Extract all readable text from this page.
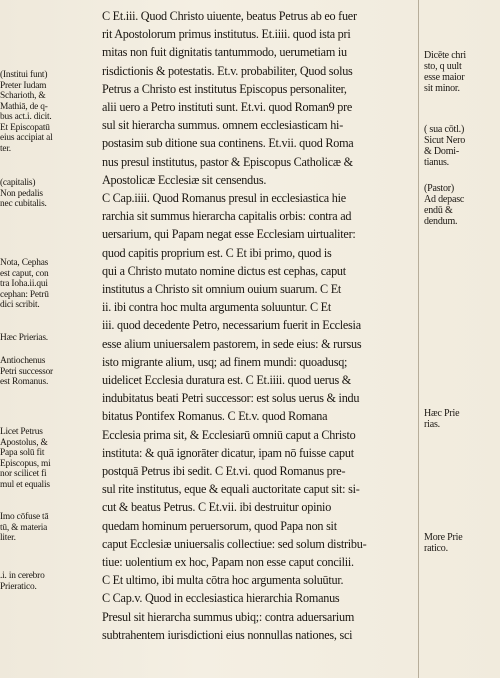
C Et.iii. Quod Christo uiuente, beatus Petrus ab eo fuer
rit Apostolorum primus institutus. Et.iiii. quod ista pri
mitas non fuit dignitatis tantummodo, uerumetiam iu
risdictionis & potestatis. Et.v. probabiliter, Quod solus
Petrus a Christo est institutus Episcopus personaliter,
alii uero a Petro instituti sunt. Et.vi. quod Roman9 pre
sul sit hierarcha summus. omnem ecclesiasticam hi-
postasim sub ditione sua continens. Et.vii. quod Roma
nus presul institutus, pastor & Episcopus Catholicæ &
Apostolicæ Ecclesiæ sit censendus.
C Cap.iiii. Quod Romanus presul in ecclesiastica hie
rarchia sit summus hierarcha capitalis orbis: contra ad
uersarium, qui Papam negat esse Ecclesiam uirtualiter:
quod capitis proprium est. C Et ibi primo, quod is
qui a Christo mutato nomine dictus est cephas, caput
institutus a Christo sit omnium ouium suarum. C Et
ii. ibi contra hoc multa argumenta soluuntur. C Et
iii. quod decedente Petro, necessarium fuerit in Ecclesia
esse alium uniuersalem pastorem, in sede eius: & rursus
isto migrante alium, usq; ad finem mundi: quoadusq;
uidelicet Ecclesia duratura est. C Et.iiii. quod uerus &
indubitatus beati Petri successor: est solus uerus & indu
bitatus Pontifex Romanus. C Et.v. quod Romana
Ecclesia prima sit, & Ecclesiarū omniū caput a Christo
instituta: & quā ignorāter dicatur, ipam nō fuisse caput
postquā Petrus ibi sedit. C Et.vi. quod Romanus pre-
sul rite institutus, eque & equali auctoritate caput sit: si-
cut & beatus Petrus. C Et.vii. ibi destruitur opinio
quedam hominum peruersorum, quod Papa non sit
caput Ecclesiæ uniuersalis collectiue: sed solum distribu-
tiue: uolentium ex hoc, Papam non esse caput concilii.
C Et ultimo, ibi multa cōtra hoc argumenta soluūtur.
C Cap.v. Quod in ecclesiastica hierarchia Romanus
Presul sit hierarcha summus ubiq;: contra aduersarium
subtrahentem iurisdictioni eius nonnullas nationes, sci
(Institui funt)
Preter Iudam
Scharioth, &
Mathiā, de q-
bus act.i. dicit.
Et Episcopatū
eius accipiat al
ter.
(capitalis)
Non pedalis
nec cubitalis.
Nota, Cephas
est caput, con
tra Ioha.ii.qui
cephan: Petrū
dici scribit.
Hæc Prierias.
Antiochenus
Petri successor
est Romanus.
Licet Petrus
Apostolus, &
Papa solū fit
Episcopus, mi
nor scilicet fi
mul et equalis
Imo cōfuse tā
tū, & materia
liter.
.i. in cerebro
Prieratico.
Dicēte chri
sto, q uult
esse maior
sit minor.
( sua cōtl.)
Sicut Nero
& Domi-
tianus.
(Pastor)
Ad depasc
endū &
dendum.
Hæc Prie
rias.
More Prie
ratico.
